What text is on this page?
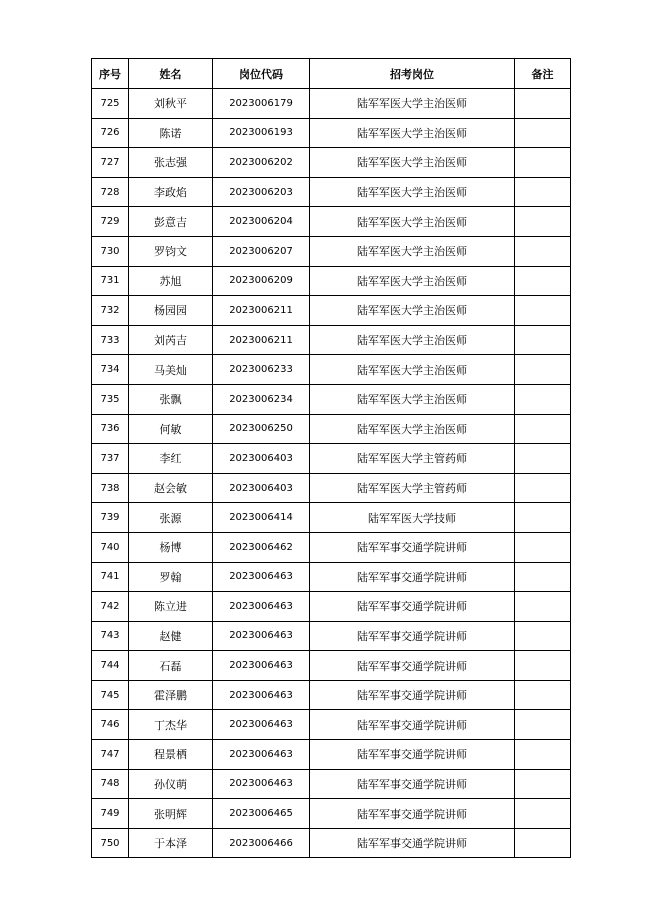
序号	姓名	岗位代码	招考岗位	备注
725	刘秋平	2023006179	陆军军医大学主治医师	
726	陈诺	2023006193	陆军军医大学主治医师	
727	张志强	2023006202	陆军军医大学主治医师	
728	李政焰	2023006203	陆军军医大学主治医师	
729	彭意吉	2023006204	陆军军医大学主治医师	
730	罗钧文	2023006207	陆军军医大学主治医师	
731	苏旭	2023006209	陆军军医大学主治医师	
732	杨园园	2023006211	陆军军医大学主治医师	
733	刘芮吉	2023006211	陆军军医大学主治医师	
734	马美灿	2023006233	陆军军医大学主治医师	
735	张飘	2023006234	陆军军医大学主治医师	
736	何敏	2023006250	陆军军医大学主治医师	
737	李红	2023006403	陆军军医大学主管药师	
738	赵会敏	2023006403	陆军军医大学主管药师	
739	张源	2023006414	陆军军医大学技师	
740	杨博	2023006462	陆军军事交通学院讲师	
741	罗翰	2023006463	陆军军事交通学院讲师	
742	陈立进	2023006463	陆军军事交通学院讲师	
743	赵健	2023006463	陆军军事交通学院讲师	
744	石磊	2023006463	陆军军事交通学院讲师	
745	霍泽鹏	2023006463	陆军军事交通学院讲师	
746	丁杰华	2023006463	陆军军事交通学院讲师	
747	程景栖	2023006463	陆军军事交通学院讲师	
748	孙仪萌	2023006463	陆军军事交通学院讲师	
749	张明辉	2023006465	陆军军事交通学院讲师	
750	于本泽	2023006466	陆军军事交通学院讲师	
